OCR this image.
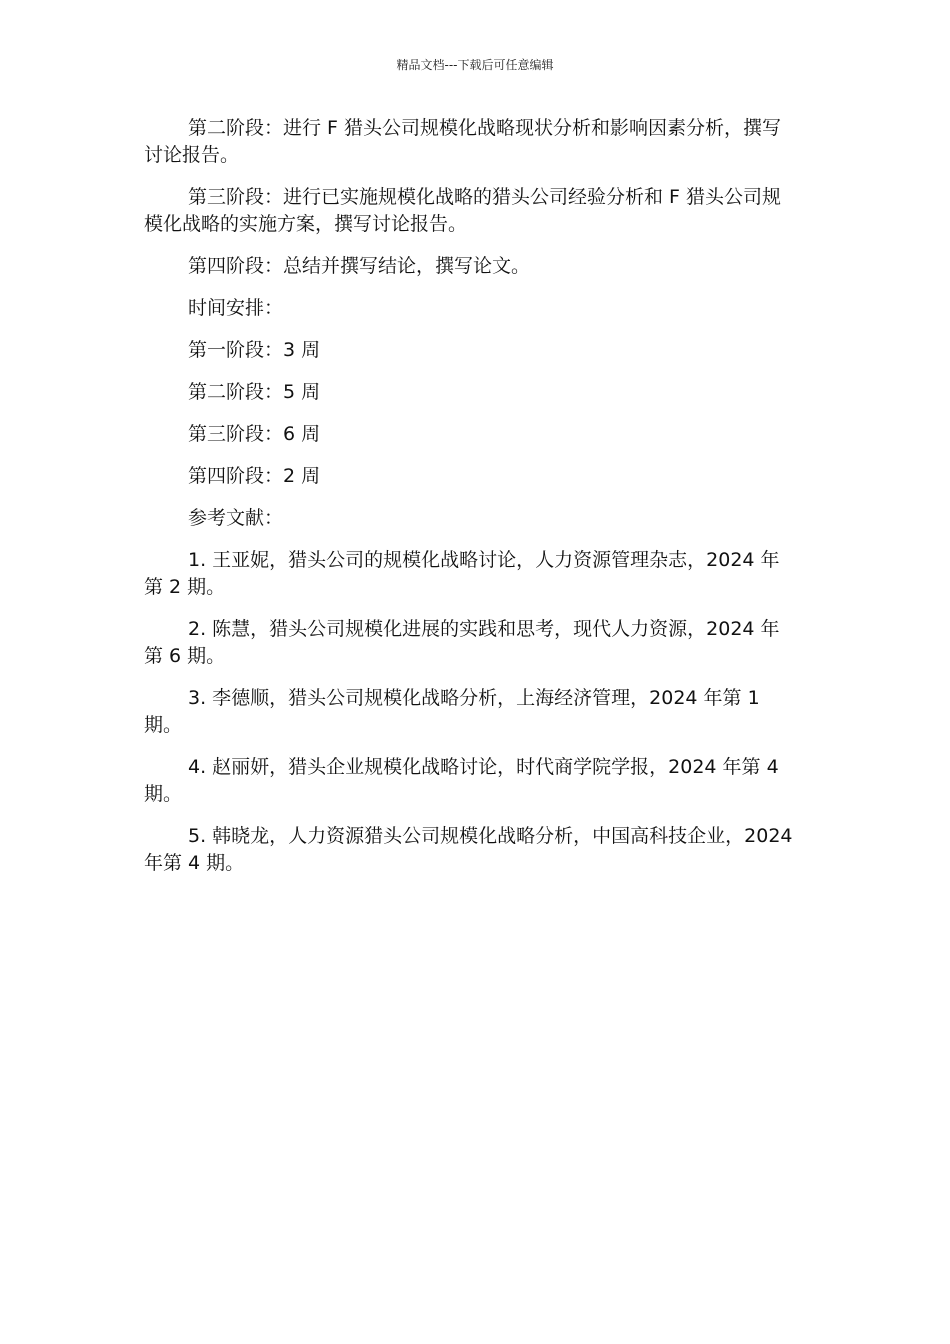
精品文档---下载后可任意编辑

第二阶段：进行 F 猎头公司规模化战略现状分析和影响因素分析，撰写讨论报告。

第三阶段：进行已实施规模化战略的猎头公司经验分析和 F 猎头公司规模化战略的实施方案，撰写讨论报告。

第四阶段：总结并撰写结论，撰写论文。

时间安排：

第一阶段：3 周

第二阶段：5 周

第三阶段：6 周

第四阶段：2 周

参考文献：

1. 王亚妮，猎头公司的规模化战略讨论，人力资源管理杂志，2024 年第 2 期。

2. 陈慧，猎头公司规模化进展的实践和思考，现代人力资源，2024 年第 6 期。

3. 李德顺，猎头公司规模化战略分析，上海经济管理，2024 年第 1 期。

4. 赵丽妍，猎头企业规模化战略讨论，时代商学院学报，2024 年第 4 期。

5. 韩晓龙，人力资源猎头公司规模化战略分析，中国高科技企业，2024 年第 4 期。
